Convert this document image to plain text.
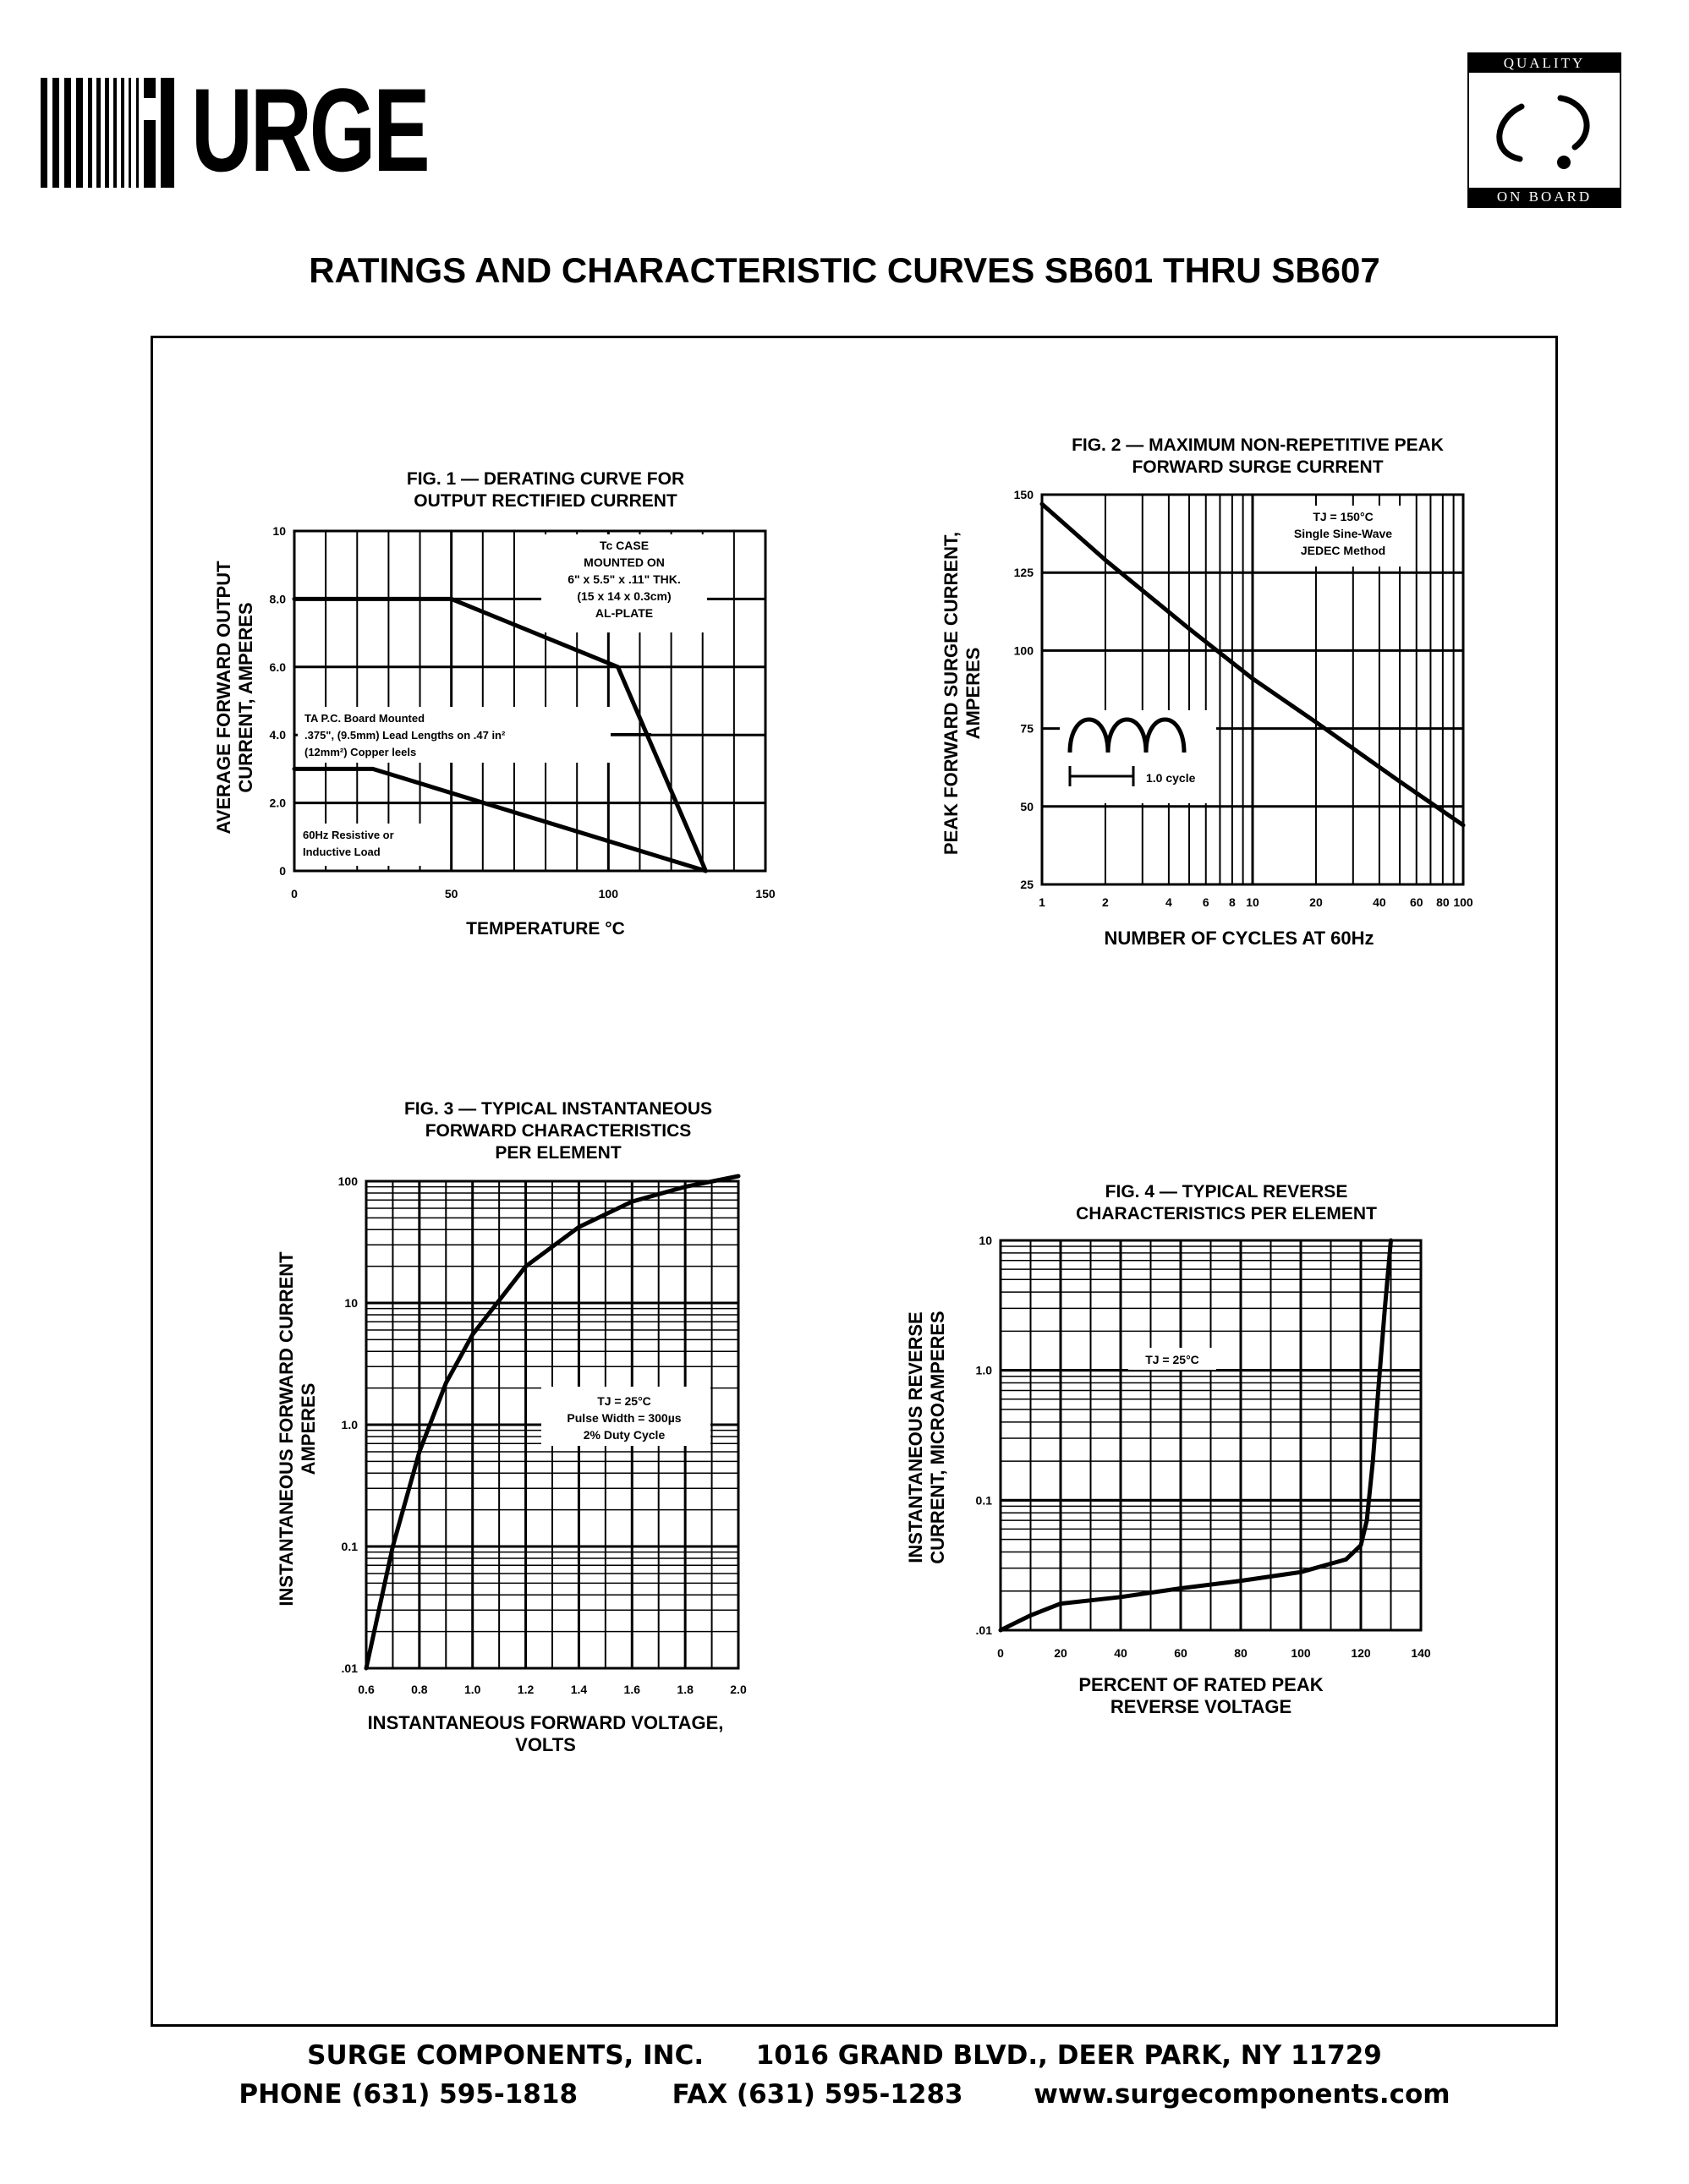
URGE
QUALITY
ON BOARD
RATINGS AND CHARACTERISTIC CURVES SB601 THRU SB607
FIG. 1 — DERATING CURVE FOR
OUTPUT RECTIFIED CURRENT
0	50	100	150
0
2.0
4.0
6.0
8.0
10
TEMPERATURE °C
AVERAGE FORWARD OUTPUT CURRENT, AMPERES
Tc CASE
MOUNTED ON
6" x 5.5" x .11" THK.
(15 x 14 x 0.3cm)
AL-PLATE
TA P.C. Board Mounted
.375", (9.5mm) Lead Lengths on .47 in²
(12mm²) Copper leels
60Hz Resistive or
Inductive Load
FIG. 2 — MAXIMUM NON-REPETITIVE PEAK
FORWARD SURGE CURRENT
1	2	4	6 8 10	20	40 60 80 100
25
50
75
100
125
150
NUMBER OF CYCLES AT 60Hz
PEAK FORWARD SURGE CURRENT, AMPERES
TJ = 150°C
Single Sine-Wave
JEDEC Method
1.0 cycle
FIG. 3 — TYPICAL INSTANTANEOUS
FORWARD CHARACTERISTICS
PER ELEMENT
0.6	0.8	1.0	1.2	1.4	1.6	1.8	2.0
.01
0.1
1.0
10
100
INSTANTANEOUS FORWARD VOLTAGE,
VOLTS
INSTANTANEOUS FORWARD CURRENT AMPERES	TJ = 25°C
Pulse Width = 300µs
2% Duty Cycle
FIG. 4 — TYPICAL REVERSE
CHARACTERISTICS PER ELEMENT
0	20	40	60	80	100	120	140
.01
0.1
1.0
10
PERCENT OF RATED PEAK
REVERSE VOLTAGE
INSTANTANEOUS REVERSE CURRENT, MICROAMPERES	TJ = 25°C
SURGE COMPONENTS, INC. 1016 GRAND BLVD., DEER PARK, NY 11729
PHONE (631) 595-1818	FAX (631) 595-1283	www.surgecomponents.com
